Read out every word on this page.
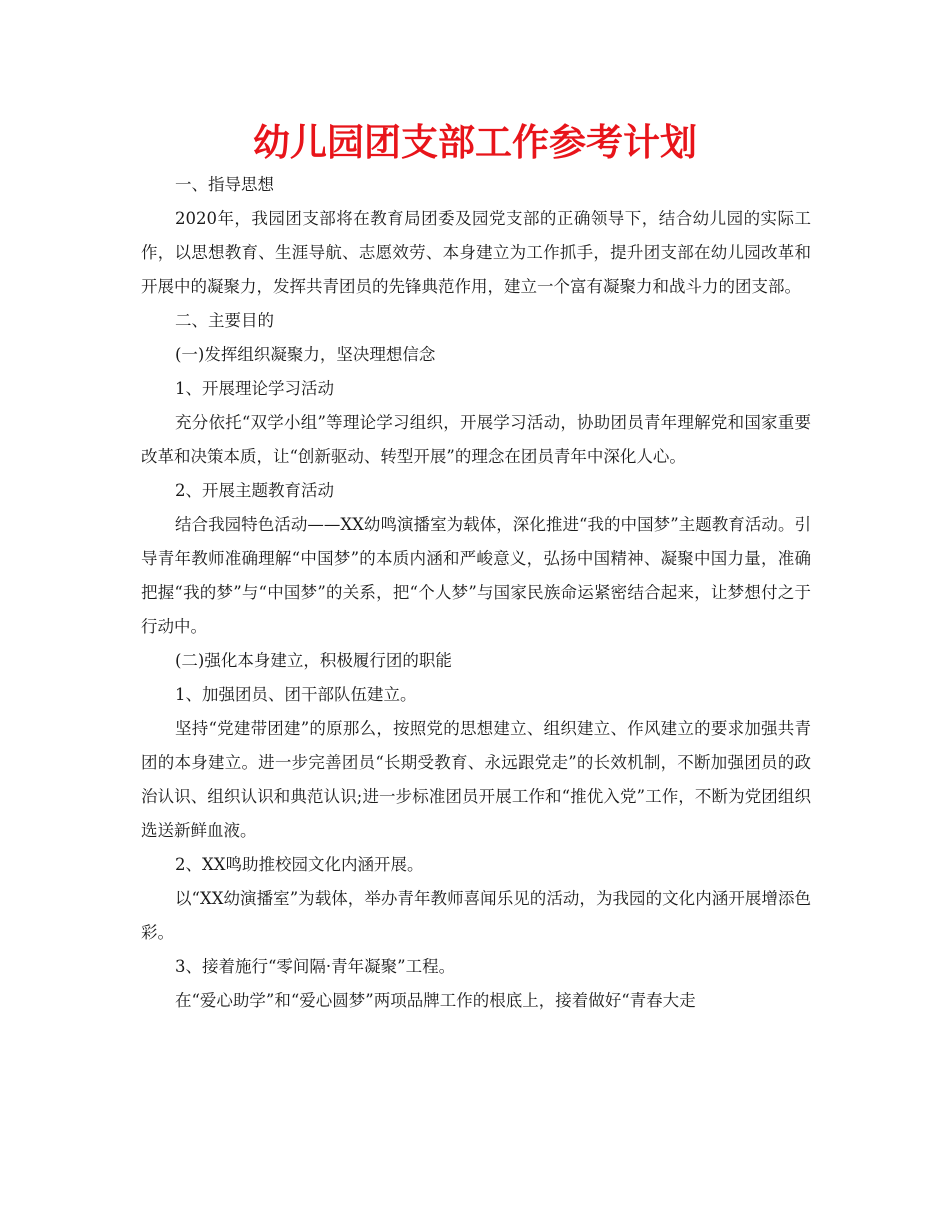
幼儿园团支部工作参考计划

一、指导思想

2020年，我园团支部将在教育局团委及园党支部的正确领导下，结合幼儿园的实际工作，以思想教育、生涯导航、志愿效劳、本身建立为工作抓手，提升团支部在幼儿园改革和开展中的凝聚力，发挥共青团员的先锋典范作用，建立一个富有凝聚力和战斗力的团支部。

二、主要目的

(一)发挥组织凝聚力，坚决理想信念

1、开展理论学习活动

充分依托“双学小组”等理论学习组织，开展学习活动，协助团员青年理解党和国家重要改革和决策本质，让“创新驱动、转型开展”的理念在团员青年中深化人心。

2、开展主题教育活动

结合我园特色活动——XX幼鸣演播室为载体，深化推进“我的中国梦”主题教育活动。引导青年教师准确理解“中国梦”的本质内涵和严峻意义，弘扬中国精神、凝聚中国力量，准确把握“我的梦”与“中国梦”的关系，把“个人梦”与国家民族命运紧密结合起来，让梦想付之于行动中。

(二)强化本身建立，积极履行团的职能

1、加强团员、团干部队伍建立。

坚持“党建带团建”的原那么，按照党的思想建立、组织建立、作风建立的要求加强共青团的本身建立。进一步完善团员“长期受教育、永远跟党走”的长效机制，不断加强团员的政治认识、组织认识和典范认识;进一步标准团员开展工作和“推优入党”工作，不断为党团组织选送新鲜血液。

2、XX鸣助推校园文化内涵开展。

以“XX幼演播室”为载体，举办青年教师喜闻乐见的活动，为我园的文化内涵开展增添色彩。

3、接着施行“零间隔·青年凝聚”工程。

在“爱心助学”和“爱心圆梦”两项品牌工作的根底上，接着做好“青春大走
